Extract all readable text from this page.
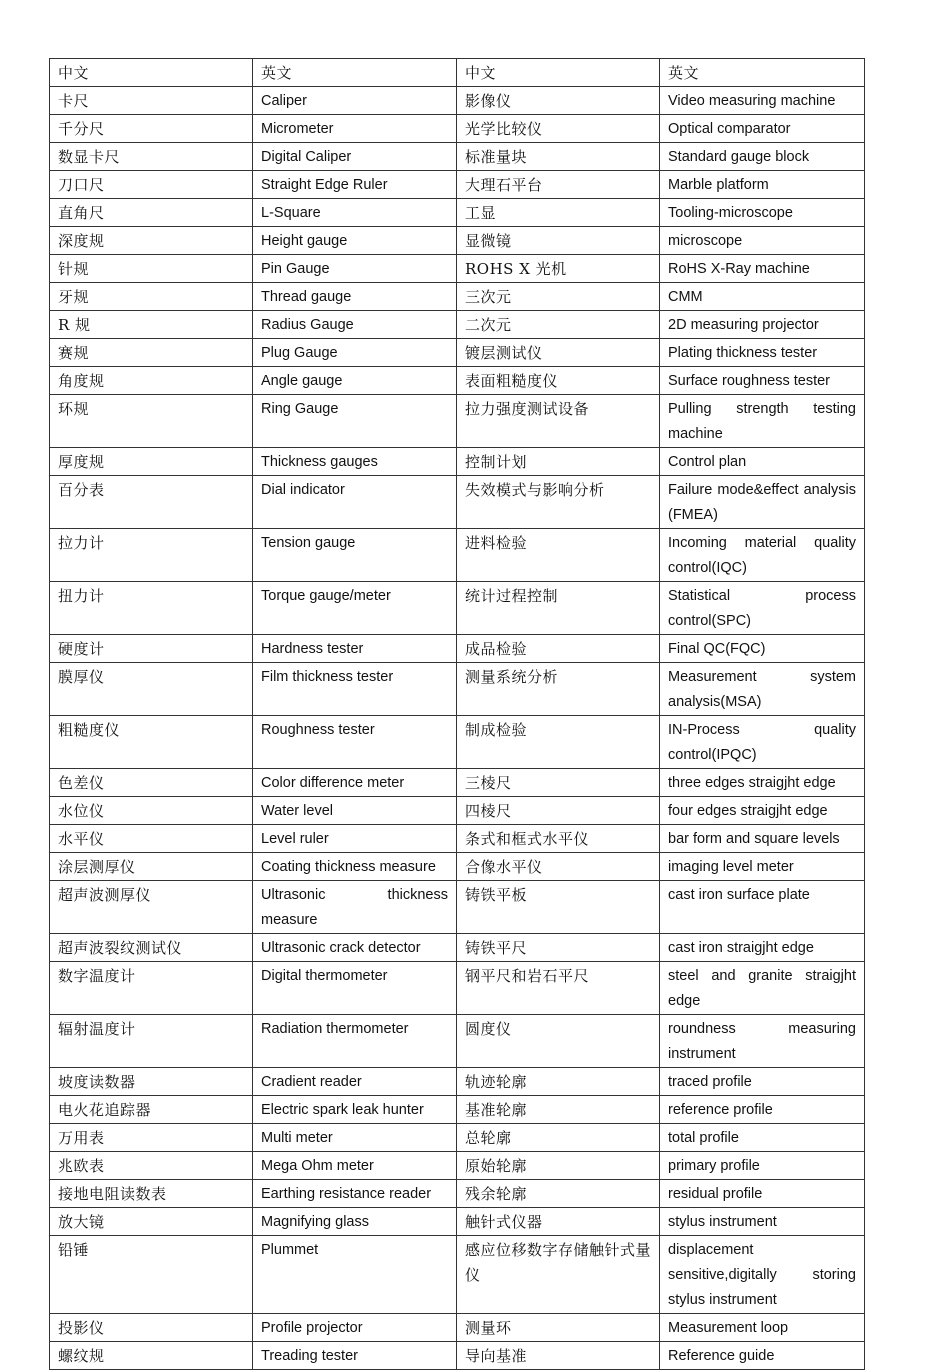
中文	英文	中文	英文
卡尺	Caliper	影像仪	Video measuring machine
千分尺	Micrometer	光学比较仪	Optical comparator
数显卡尺	Digital Caliper	标准量块	Standard gauge block
刀口尺	Straight Edge Ruler	大理石平台	Marble platform
直角尺	L-Square	工显	Tooling-microscope
深度规	Height gauge	显微镜	microscope
针规	Pin Gauge	ROHS X 光机	RoHS X-Ray machine
牙规	Thread gauge	三次元	CMM
R 规	Radius Gauge	二次元	2D measuring projector
赛规	Plug Gauge	镀层测试仪	Plating thickness tester
角度规	Angle gauge	表面粗糙度仪	Surface roughness tester
环规	Ring Gauge	拉力强度测试设备	Pulling strength testing machine
厚度规	Thickness gauges	控制计划	Control plan
百分表	Dial indicator	失效模式与影响分析	Failure mode&effect analysis (FMEA)
拉力计	Tension gauge	进料检验	Incoming material quality control(IQC)
扭力计	Torque gauge/meter	统计过程控制	Statistical process control(SPC)
硬度计	Hardness tester	成品检验	Final QC(FQC)
膜厚仪	Film thickness tester	测量系统分析	Measurement system analysis(MSA)
粗糙度仪	Roughness tester	制成检验	IN-Process quality control(IPQC)
色差仪	Color difference meter	三棱尺	three edges straigjht edge
水位仪	Water level	四棱尺	four edges straigjht edge
水平仪	Level ruler	条式和框式水平仪	bar form and square levels
涂层测厚仪	Coating thickness measure	合像水平仪	imaging level meter
超声波测厚仪	Ultrasonic thickness measure	铸铁平板	cast iron surface plate
超声波裂纹测试仪	Ultrasonic crack detector	铸铁平尺	cast iron straigjht edge
数字温度计	Digital thermometer	钢平尺和岩石平尺	steel and granite straigjht edge
辐射温度计	Radiation thermometer	圆度仪	roundness measuring instrument
坡度读数器	Cradient reader	轨迹轮廓	traced profile
电火花追踪器	Electric spark leak hunter	基准轮廓	reference profile
万用表	Multi meter	总轮廓	total profile
兆欧表	Mega Ohm meter	原始轮廓	primary profile
接地电阻读数表	Earthing resistance reader	残余轮廓	residual profile
放大镜	Magnifying glass	触针式仪器	stylus instrument
铅锤	Plummet	感应位移数字存储触针式量仪	displacement sensitive,digitally storing stylus instrument
投影仪	Profile projector	测量环	Measurement loop
螺纹规	Treading tester	导向基准	Reference guide
